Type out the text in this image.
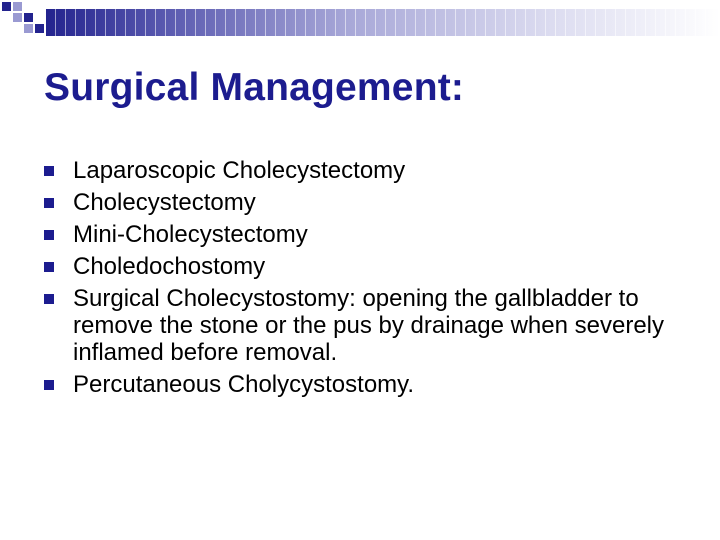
Surgical Management:
Laparoscopic Cholecystectomy
Cholecystectomy
Mini-Cholecystectomy
Choledochostomy
Surgical Cholecystostomy: opening the gallbladder to remove the stone or the pus by drainage when severely inflamed before removal.
Percutaneous Cholycystostomy.
